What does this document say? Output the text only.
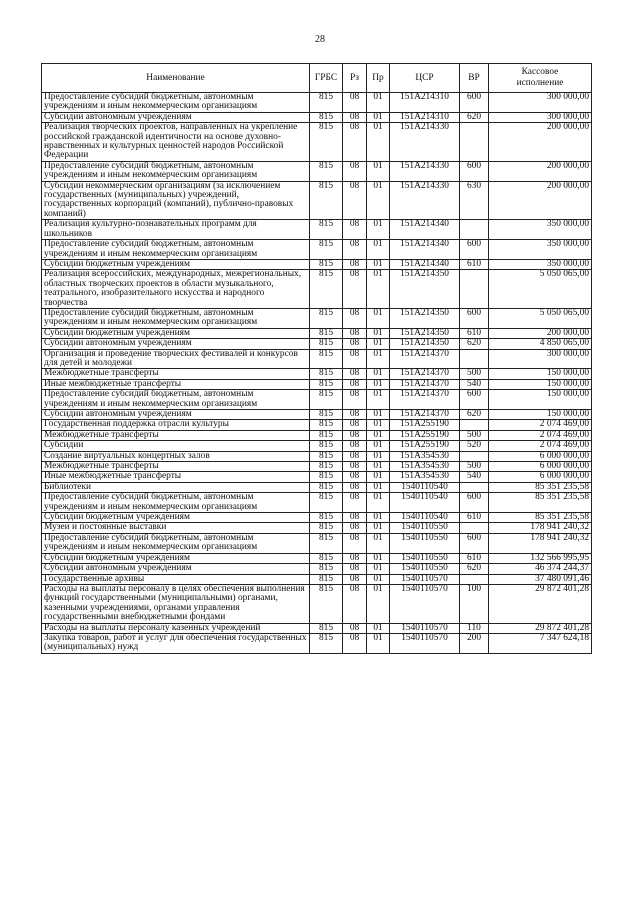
28
Наименование	ГРБС	Рз	Пр	ЦСР	ВР	Кассовое
исполнение
Предоставление субсидий бюджетным, автономным учреждениям и иным некоммерческим организациям	815	08	01	151A214310	600	300 000,00
Субсидии автономным учреждениям	815	08	01	151A214310	620	300 000,00
Реализация творческих проектов, направленных на укрепление российской гражданской идентичности на основе духовно-нравственных и культурных ценностей народов Российской Федерации	815	08	01	151A214330		200 000,00
Предоставление субсидий бюджетным, автономным учреждениям и иным некоммерческим организациям	815	08	01	151A214330	600	200 000,00
Субсидии некоммерческим организациям (за исключением государственных (муниципальных) учреждений, государственных корпораций (компаний), публично-правовых компаний)	815	08	01	151A214330	630	200 000,00
Реализация культурно-познавательных программ для школьников	815	08	01	151A214340		350 000,00
Предоставление субсидий бюджетным, автономным учреждениям и иным некоммерческим организациям	815	08	01	151A214340	600	350 000,00
Субсидии бюджетным учреждениям	815	08	01	151A214340	610	350 000,00
Реализация всероссийских, международных, межрегиональных, областных творческих проектов в области музыкального, театрального, изобразительного искусства и народного творчества	815	08	01	151A214350		5 050 065,00
Предоставление субсидий бюджетным, автономным учреждениям и иным некоммерческим организациям	815	08	01	151A214350	600	5 050 065,00
Субсидии бюджетным учреждениям	815	08	01	151A214350	610	200 000,00
Субсидии автономным учреждениям	815	08	01	151A214350	620	4 850 065,00
Организация и проведение творческих фестивалей и конкурсов для детей и молодежи	815	08	01	151A214370		300 000,00
Межбюджетные трансферты	815	08	01	151A214370	500	150 000,00
Иные межбюджетные трансферты	815	08	01	151A214370	540	150 000,00
Предоставление субсидий бюджетным, автономным учреждениям и иным некоммерческим организациям	815	08	01	151A214370	600	150 000,00
Субсидии автономным учреждениям	815	08	01	151A214370	620	150 000,00
Государственная поддержка отрасли культуры	815	08	01	151A255190		2 074 469,00
Межбюджетные трансферты	815	08	01	151A255190	500	2 074 469,00
Субсидии	815	08	01	151A255190	520	2 074 469,00
Создание виртуальных концертных залов	815	08	01	151A354530		6 000 000,00
Межбюджетные трансферты	815	08	01	151A354530	500	6 000 000,00
Иные межбюджетные трансферты	815	08	01	151A354530	540	6 000 000,00
Библиотеки	815	08	01	1540110540		85 351 235,58
Предоставление субсидий бюджетным, автономным учреждениям и иным некоммерческим организациям	815	08	01	1540110540	600	85 351 235,58
Субсидии бюджетным учреждениям	815	08	01	1540110540	610	85 351 235,58
Музеи и постоянные выставки	815	08	01	1540110550		178 941 240,32
Предоставление субсидий бюджетным, автономным учреждениям и иным некоммерческим организациям	815	08	01	1540110550	600	178 941 240,32
Субсидии бюджетным учреждениям	815	08	01	1540110550	610	132 566 995,95
Субсидии автономным учреждениям	815	08	01	1540110550	620	46 374 244,37
Государственные архивы	815	08	01	1540110570		37 480 091,46
Расходы на выплаты персоналу в целях обеспечения выполнения функций государственными (муниципальными) органами, казенными учреждениями, органами управления государственными внебюджетными фондами	815	08	01	1540110570	100	29 872 401,28
Расходы на выплаты персоналу казенных учреждений	815	08	01	1540110570	110	29 872 401,28
Закупка товаров, работ и услуг для обеспечения государственных (муниципальных) нужд	815	08	01	1540110570	200	7 347 624,18
